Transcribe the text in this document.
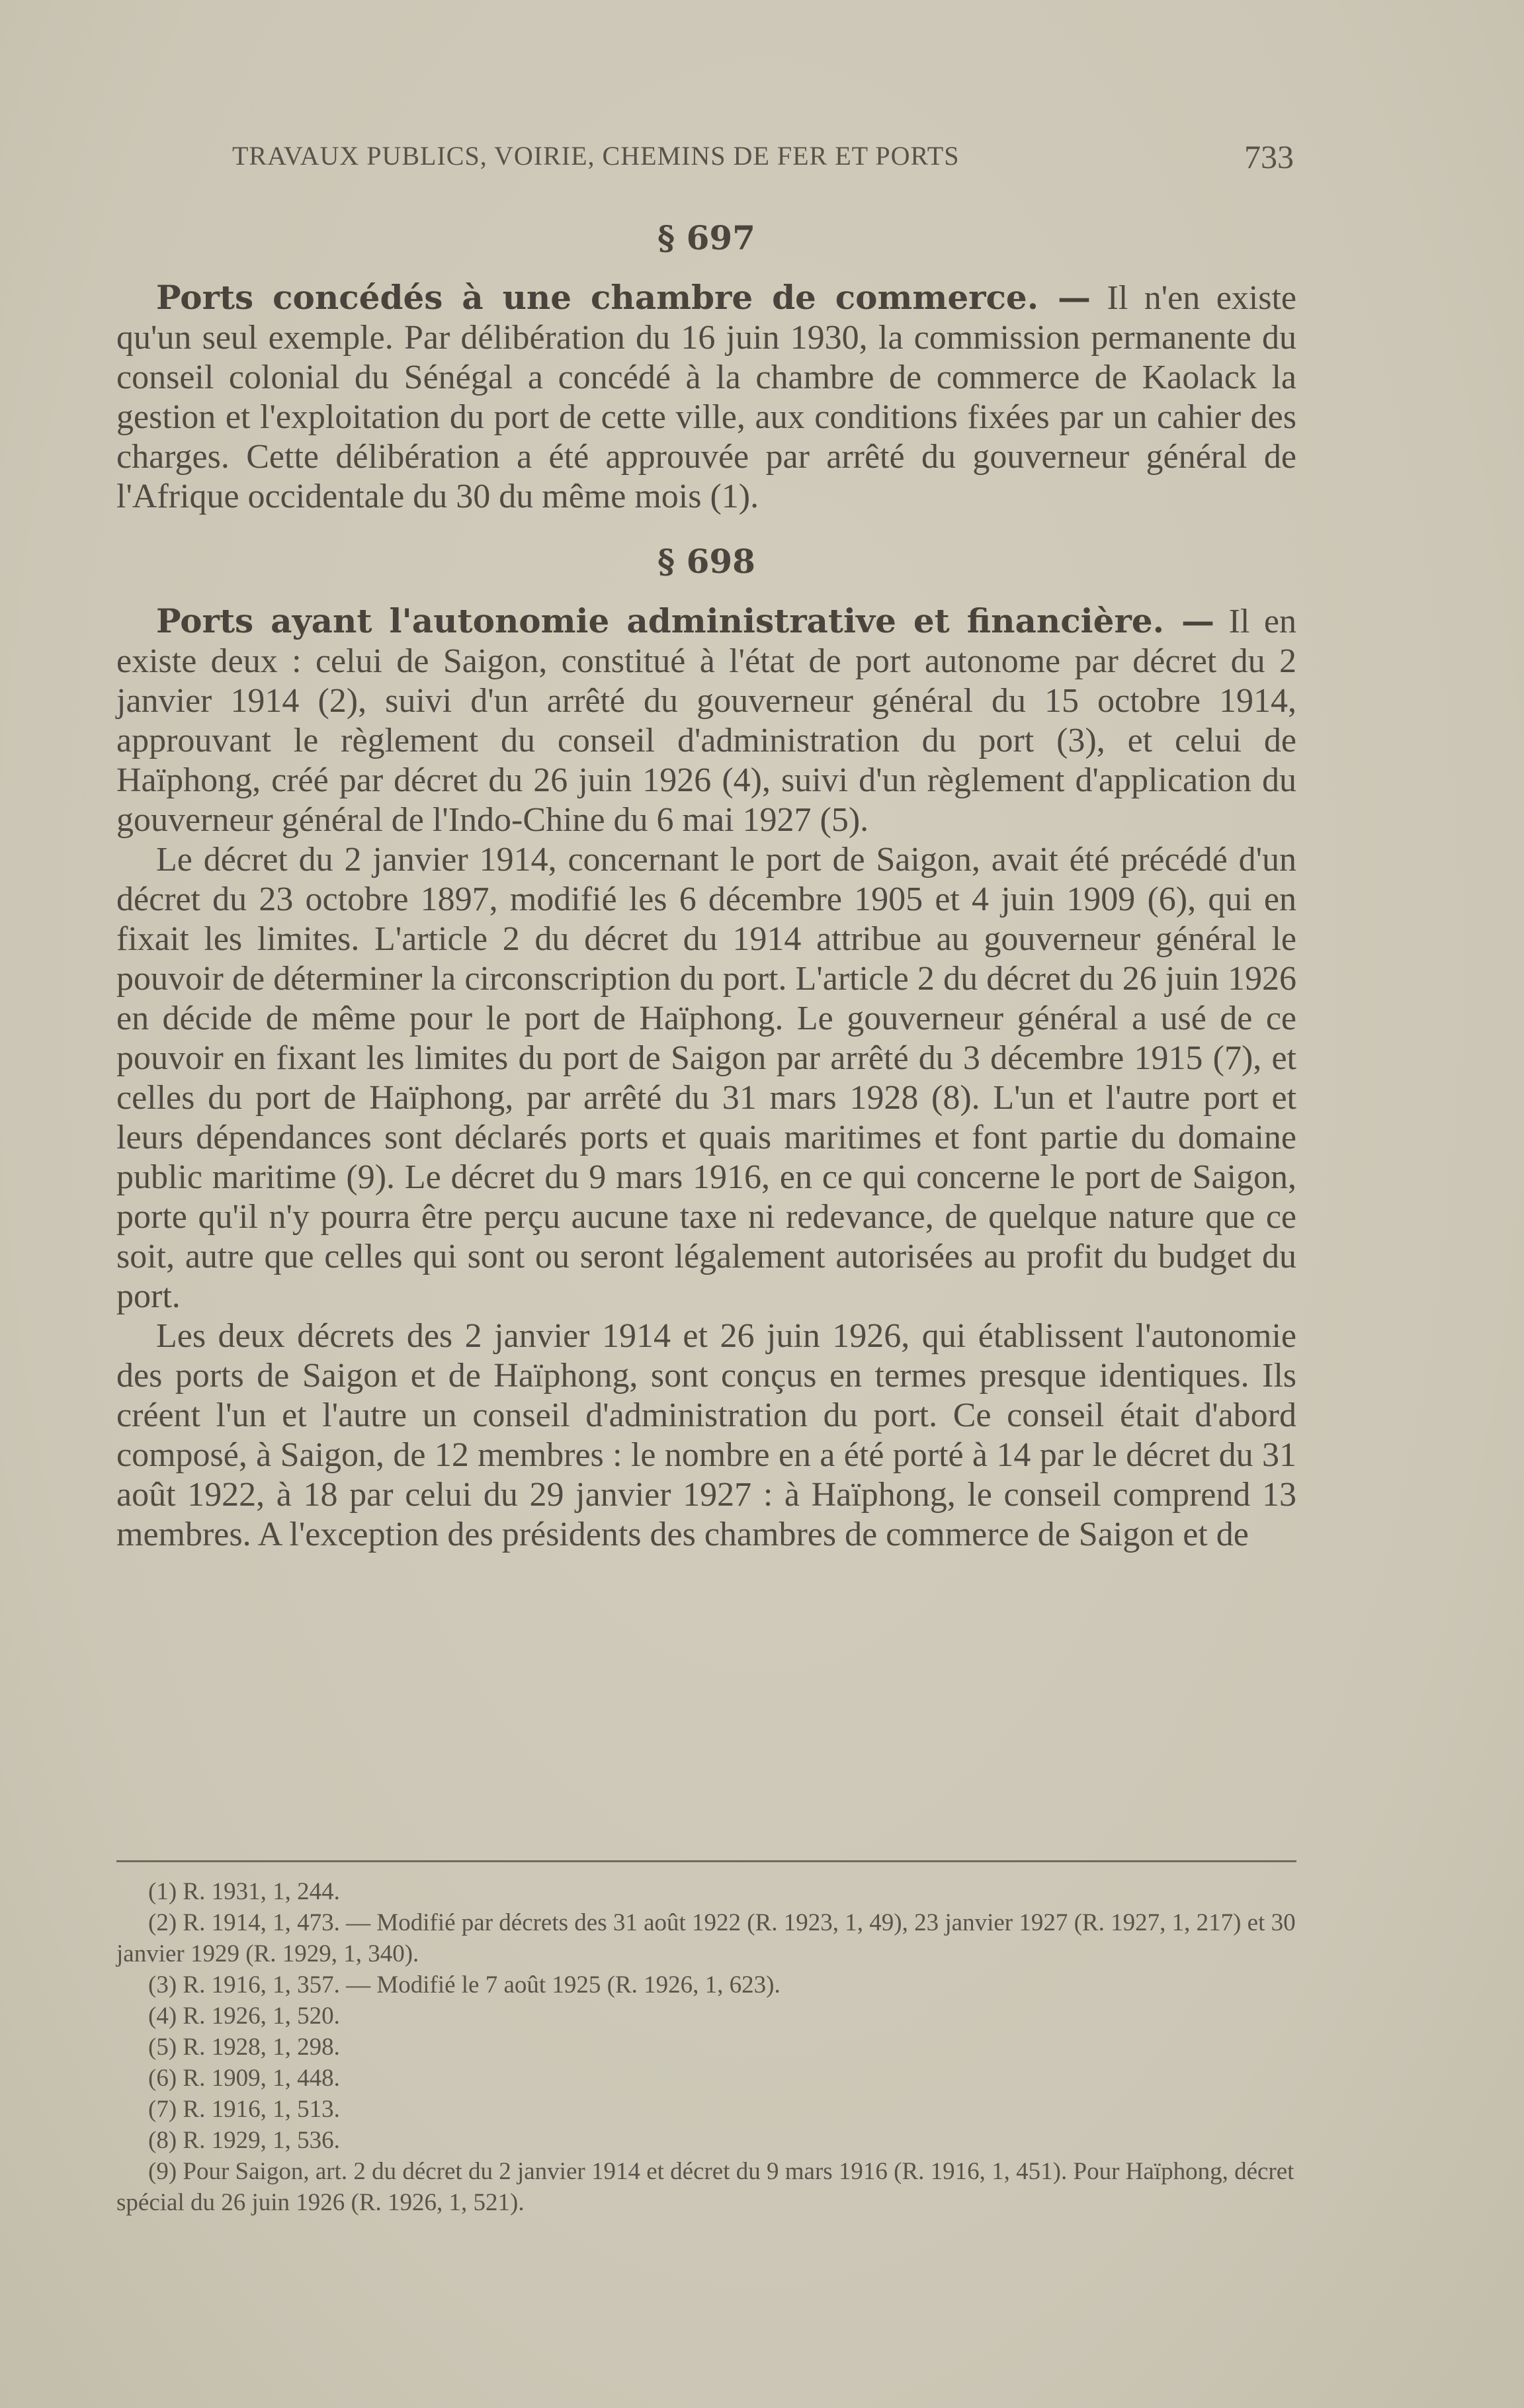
TRAVAUX PUBLICS, VOIRIE, CHEMINS DE FER ET PORTS	733
§ 697

Ports concédés à une chambre de commerce. — Il n'en existe qu'un seul exemple. Par délibération du 16 juin 1930, la commission permanente du conseil colonial du Sénégal a concédé à la chambre de commerce de Kaolack la gestion et l'exploitation du port de cette ville, aux conditions fixées par un cahier des charges. Cette délibération a été approuvée par arrêté du gouverneur général de l'Afrique occidentale du 30 du même mois (1).

§ 698

Ports ayant l'autonomie administrative et financière. — Il en existe deux : celui de Saigon, constitué à l'état de port autonome par décret du 2 janvier 1914 (2), suivi d'un arrêté du gouverneur général du 15 octobre 1914, approuvant le règlement du conseil d'administration du port (3), et celui de Haïphong, créé par décret du 26 juin 1926 (4), suivi d'un règlement d'application du gouverneur général de l'Indo-Chine du 6 mai 1927 (5).

Le décret du 2 janvier 1914, concernant le port de Saigon, avait été précédé d'un décret du 23 octobre 1897, modifié les 6 décembre 1905 et 4 juin 1909 (6), qui en fixait les limites. L'article 2 du décret du 1914 attribue au gouverneur général le pouvoir de déterminer la circonscription du port. L'article 2 du décret du 26 juin 1926 en décide de même pour le port de Haïphong. Le gouverneur général a usé de ce pouvoir en fixant les limites du port de Saigon par arrêté du 3 décembre 1915 (7), et celles du port de Haïphong, par arrêté du 31 mars 1928 (8). L'un et l'autre port et leurs dépendances sont déclarés ports et quais maritimes et font partie du domaine public maritime (9). Le décret du 9 mars 1916, en ce qui concerne le port de Saigon, porte qu'il n'y pourra être perçu aucune taxe ni redevance, de quelque nature que ce soit, autre que celles qui sont ou seront légalement autorisées au profit du budget du port.

Les deux décrets des 2 janvier 1914 et 26 juin 1926, qui établissent l'autonomie des ports de Saigon et de Haïphong, sont conçus en termes presque identiques. Ils créent l'un et l'autre un conseil d'administration du port. Ce conseil était d'abord composé, à Saigon, de 12 membres : le nombre en a été porté à 14 par le décret du 31 août 1922, à 18 par celui du 29 janvier 1927 : à Haïphong, le conseil comprend 13 membres. A l'exception des présidents des chambres de commerce de Saigon et de

(1) R. 1931, 1, 244.
(2) R. 1914, 1, 473. — Modifié par décrets des 31 août 1922 (R. 1923, 1, 49), 23 janvier 1927 (R. 1927, 1, 217) et 30 janvier 1929 (R. 1929, 1, 340).
(3) R. 1916, 1, 357. — Modifié le 7 août 1925 (R. 1926, 1, 623).
(4) R. 1926, 1, 520.
(5) R. 1928, 1, 298.
(6) R. 1909, 1, 448.
(7) R. 1916, 1, 513.
(8) R. 1929, 1, 536.
(9) Pour Saigon, art. 2 du décret du 2 janvier 1914 et décret du 9 mars 1916 (R. 1916, 1, 451). Pour Haïphong, décret spécial du 26 juin 1926 (R. 1926, 1, 521).
